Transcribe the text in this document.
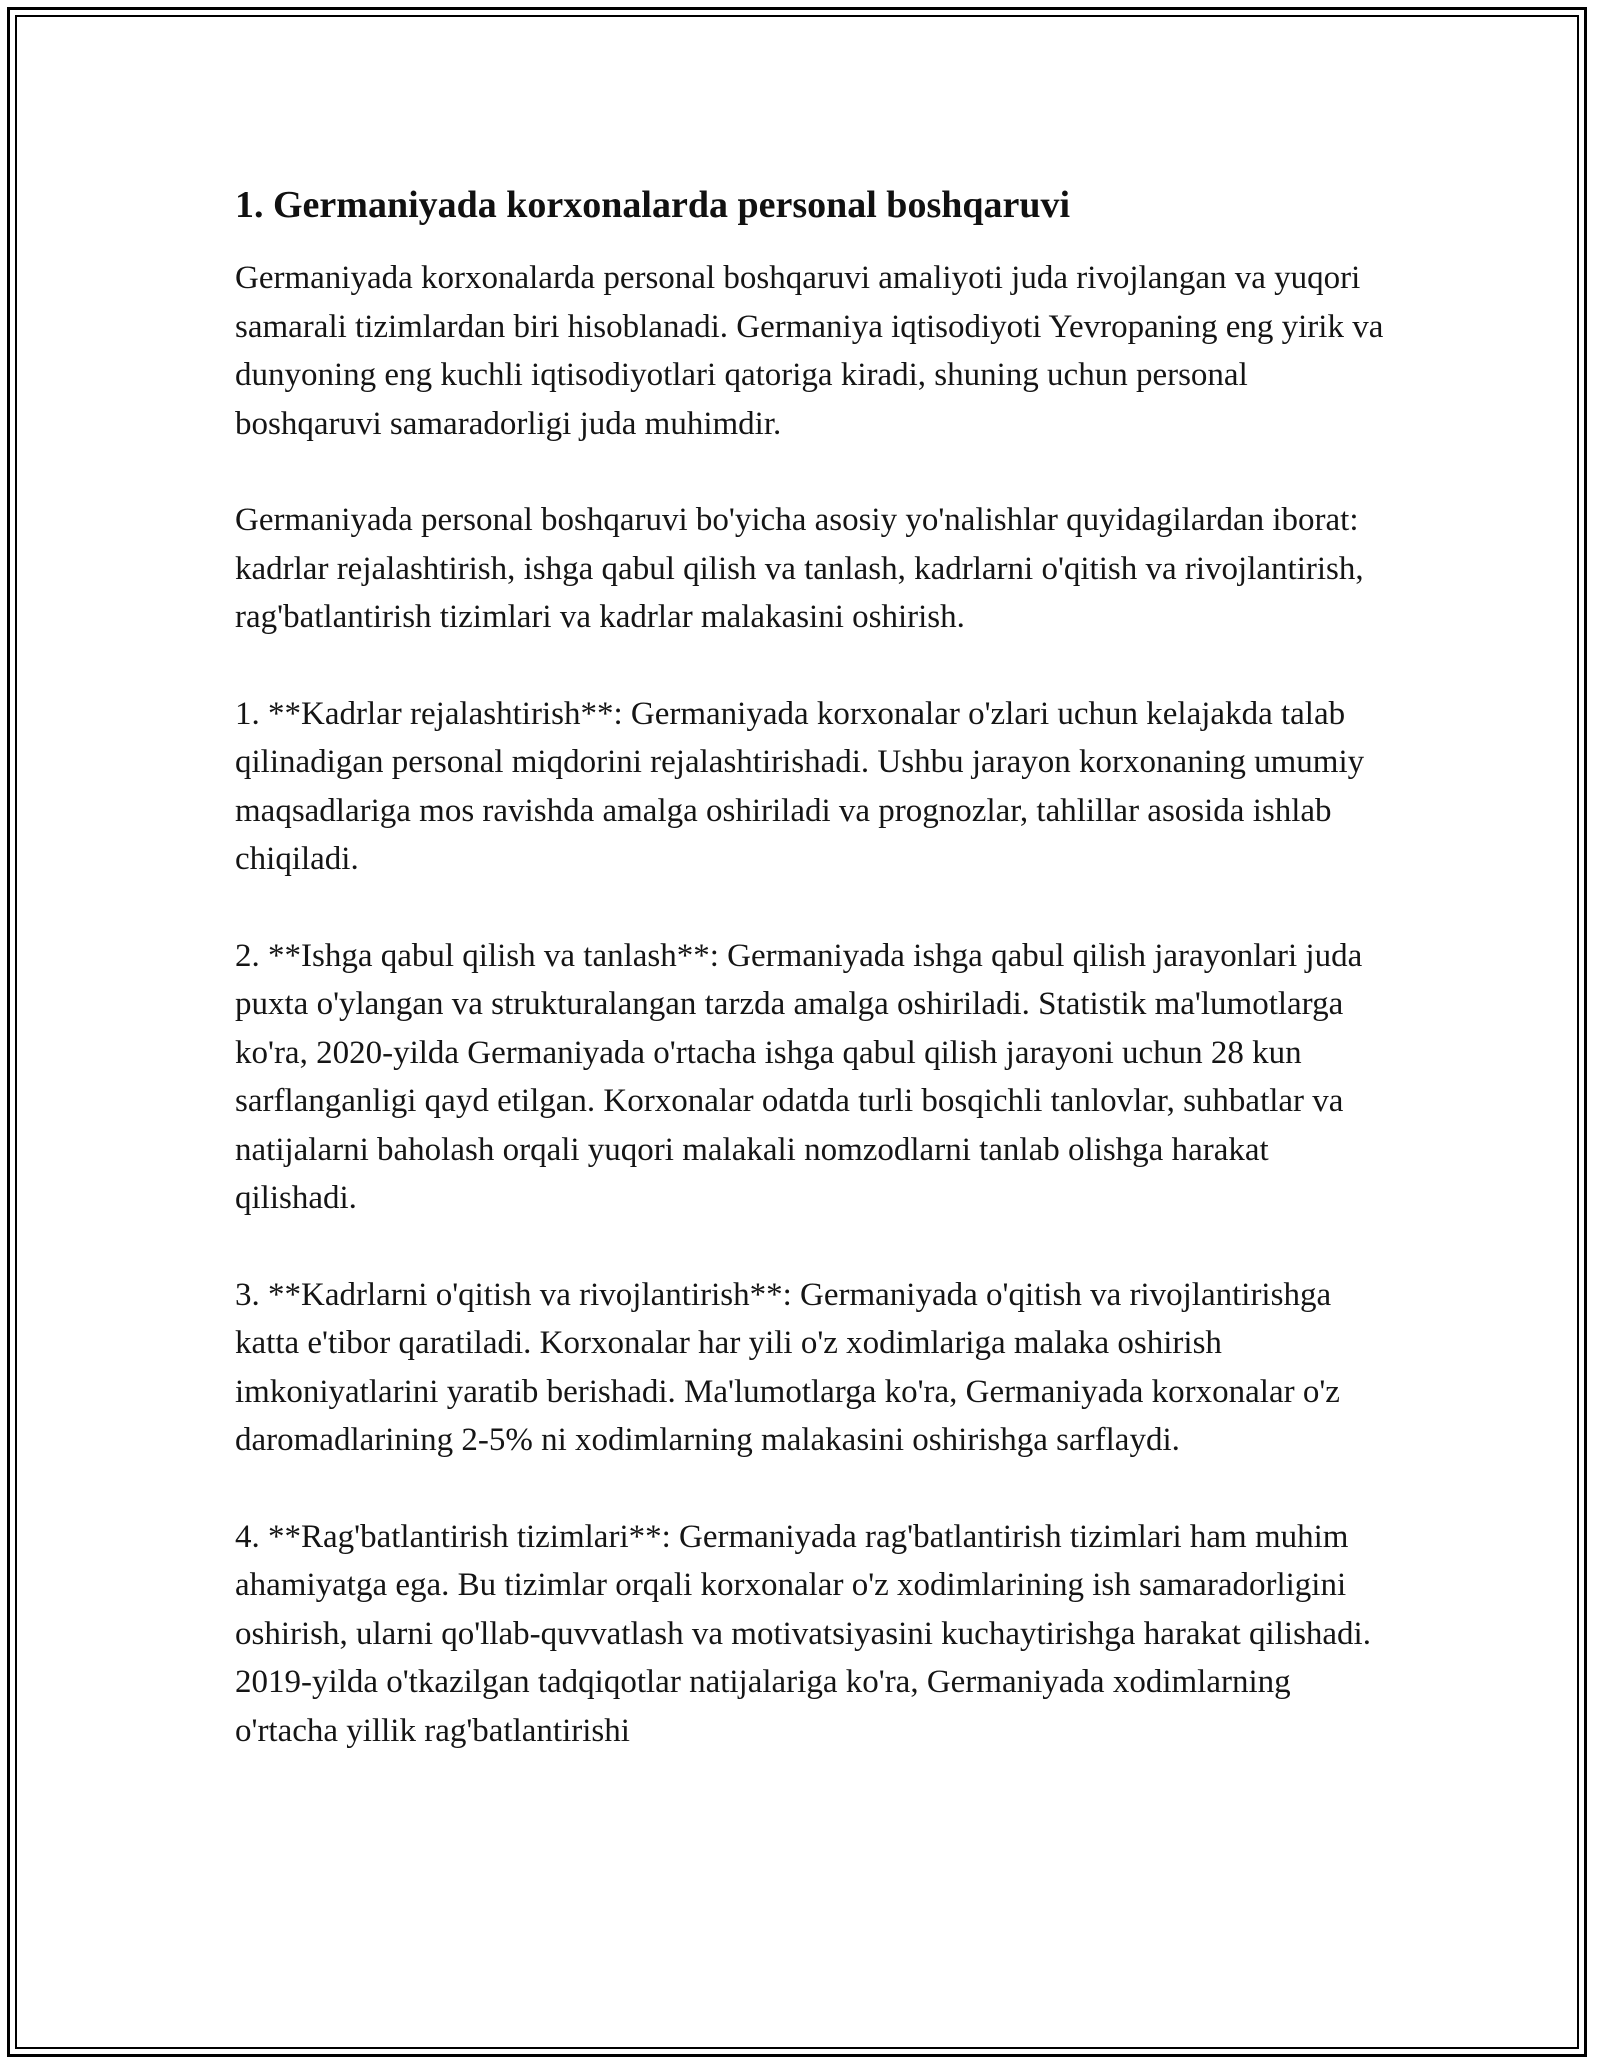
1. Germaniyada korxonalarda personal boshqaruvi

Germaniyada korxonalarda personal boshqaruvi amaliyoti juda rivojlangan va yuqori samarali tizimlardan biri hisoblanadi. Germaniya iqtisodiyoti Yevropaning eng yirik va dunyoning eng kuchli iqtisodiyotlari qatoriga kiradi, shuning uchun personal boshqaruvi samaradorligi juda muhimdir.

Germaniyada personal boshqaruvi bo'yicha asosiy yo'nalishlar quyidagilardan iborat: kadrlar rejalashtirish, ishga qabul qilish va tanlash, kadrlarni o'qitish va rivojlantirish, rag'batlantirish tizimlari va kadrlar malakasini oshirish.

1. **Kadrlar rejalashtirish**: Germaniyada korxonalar o'zlari uchun kelajakda talab qilinadigan personal miqdorini rejalashtirishadi. Ushbu jarayon korxonaning umumiy maqsadlariga mos ravishda amalga oshiriladi va prognozlar, tahlillar asosida ishlab chiqiladi.

2. **Ishga qabul qilish va tanlash**: Germaniyada ishga qabul qilish jarayonlari juda puxta o'ylangan va strukturalangan tarzda amalga oshiriladi. Statistik ma'lumotlarga ko'ra, 2020-yilda Germaniyada o'rtacha ishga qabul qilish jarayoni uchun 28 kun sarflanganligi qayd etilgan. Korxonalar odatda turli bosqichli tanlovlar, suhbatlar va natijalarni baholash orqali yuqori malakali nomzodlarni tanlab olishga harakat qilishadi.

3. **Kadrlarni o'qitish va rivojlantirish**: Germaniyada o'qitish va rivojlantirishga katta e'tibor qaratiladi. Korxonalar har yili o'z xodimlariga malaka oshirish imkoniyatlarini yaratib berishadi. Ma'lumotlarga ko'ra, Germaniyada korxonalar o'z daromadlarining 2-5% ni xodimlarning malakasini oshirishga sarflaydi.

4. **Rag'batlantirish tizimlari**: Germaniyada rag'batlantirish tizimlari ham muhim ahamiyatga ega. Bu tizimlar orqali korxonalar o'z xodimlarining ish samaradorligini oshirish, ularni qo'llab-quvvatlash va motivatsiyasini kuchaytirishga harakat qilishadi. 2019-yilda o'tkazilgan tadqiqotlar natijalariga ko'ra, Germaniyada xodimlarning o'rtacha yillik rag'batlantirishi
